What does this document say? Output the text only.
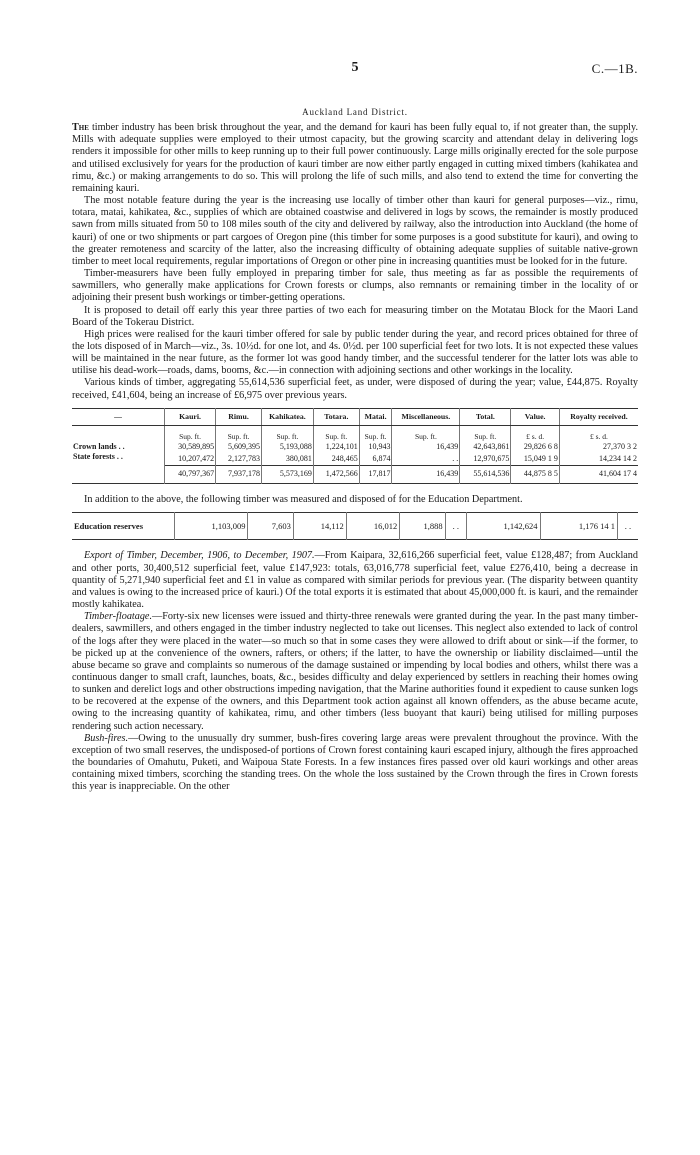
5	C.—1B.
Auckland Land District.

The timber industry has been brisk throughout the year, and the demand for kauri has been fully equal to, if not greater than, the supply. Mills with adequate supplies were employed to their utmost capacity, but the growing scarcity and attendant delay in delivering logs renders it impossible for other mills to keep running up to their full power continuously. Large mills originally erected for the sole purpose and utilised exclusively for years for the production of kauri timber are now either partly engaged in cutting mixed timbers (kahikatea and rimu, &c.) or making arrangements to do so. This will prolong the life of such mills, and also tend to extend the time for converting the remaining kauri.

The most notable feature during the year is the increasing use locally of timber other than kauri for general purposes—viz., rimu, totara, matai, kahikatea, &c., supplies of which are obtained coastwise and delivered in logs by scows, the remainder is mostly produced sawn from mills situated from 50 to 108 miles south of the city and delivered by railway, also the introduction into Auckland (the home of kauri) of one or two shipments or part cargoes of Oregon pine (this timber for some purposes is a good substitute for kauri), and owing to the greater remoteness and scarcity of the latter, also the increasing difficulty of obtaining adequate supplies of suitable native-grown timber to meet local requirements, regular importations of Oregon or other pine in increasing quantities must be looked for in the future.

Timber-measurers have been fully employed in preparing timber for sale, thus meeting as far as possible the requirements of sawmillers, who generally make applications for Crown forests or clumps, also remnants or remaining timber in the locality of or adjoining their present bush workings or timber-getting operations.

It is proposed to detail off early this year three parties of two each for measuring timber on the Motatau Block for the Maori Land Board of the Tokerau District.

High prices were realised for the kauri timber offered for sale by public tender during the year, and record prices obtained for three of the lots disposed of in March—viz., 3s. 10½d. for one lot, and 4s. 0½d. per 100 superficial feet for two lots. It is not expected these values will be maintained in the near future, as the former lot was good handy timber, and the successful tenderer for the latter lots was able to utilise his dead-work—roads, dams, booms, &c.—in connection with adjoining sections and other workings in the locality.

Various kinds of timber, aggregating 55,614,536 superficial feet, as under, were disposed of during the year; value, £44,875. Royalty received, £41,604, being an increase of £6,975 over previous years.

—	Kauri.	Rimu.	Kahikatea.	Totara.	Matai.	Miscellaneous.	Total.	Value.	Royalty received.
	Sup. ft.	Sup. ft.	Sup. ft.	Sup. ft.	Sup. ft.	Sup. ft.	Sup. ft.	£ s. d.	£ s. d.
Crown lands . .	30,589,895	5,609,395	5,193,088	1,224,101	10,943	16,439	42,643,861	29,826 6 8	27,370 3 2
State forests . .	10,207,472	2,127,783	380,081	248,465	6,874	. .	12,970,675	15,049 1 9	14,234 14 2
	40,797,367	7,937,178	5,573,169	1,472,566	17,817	16,439	55,614,536	44,875 8 5	41,604 17 4

In addition to the above, the following timber was measured and disposed of for the Education Department.

Education reserves	1,103,009	7,603	14,112	16,012	1,888	. .	1,142,624	1,176 14 1	. .

Export of Timber, December, 1906, to December, 1907.—From Kaipara, 32,616,266 superficial feet, value £128,487; from Auckland and other ports, 30,400,512 superficial feet, value £147,923: totals, 63,016,778 superficial feet, value £276,410, being a decrease in quantity of 5,271,940 superficial feet and £1 in value as compared with similar periods for previous year. (The disparity between quantity and values is owing to the increased price of kauri.) Of the total exports it is estimated that about 45,000,000 ft. is kauri, and the remainder mostly kahikatea.

Timber-floatage.—Forty-six new licenses were issued and thirty-three renewals were granted during the year. In the past many timber-dealers, sawmillers, and others engaged in the timber industry neglected to take out licenses. This neglect also extended to lack of control of the logs after they were placed in the water—so much so that in some cases they were allowed to drift about or sink—if the former, to be picked up at the convenience of the owners, rafters, or others; if the latter, to have the ownership or liability disclaimed—until the abuse became so grave and complaints so numerous of the damage sustained or impending by local bodies and others, whilst there was a continuous danger to small craft, launches, boats, &c., besides difficulty and delay experienced by settlers in reaching their homes owing to sunken and derelict logs and other obstructions impeding navigation, that the Marine authorities found it expedient to cause sunken logs to be recovered at the expense of the owners, and this Department took action against all known offenders, as the abuse became acute, owing to the increasing quantity of kahikatea, rimu, and other timbers (less buoyant that kauri) being utilised for milling purposes rendering such action necessary.

Bush-fires.—Owing to the unusually dry summer, bush-fires covering large areas were prevalent throughout the province. With the exception of two small reserves, the undisposed-of portions of Crown forest containing kauri escaped injury, although the fires approached the boundaries of Omahutu, Puketi, and Waipoua State Forests. In a few instances fires passed over old kauri workings and other areas containing mixed timbers, scorching the standing trees. On the whole the loss sustained by the Crown through the fires in Crown forests this year is inappreciable. On the other
